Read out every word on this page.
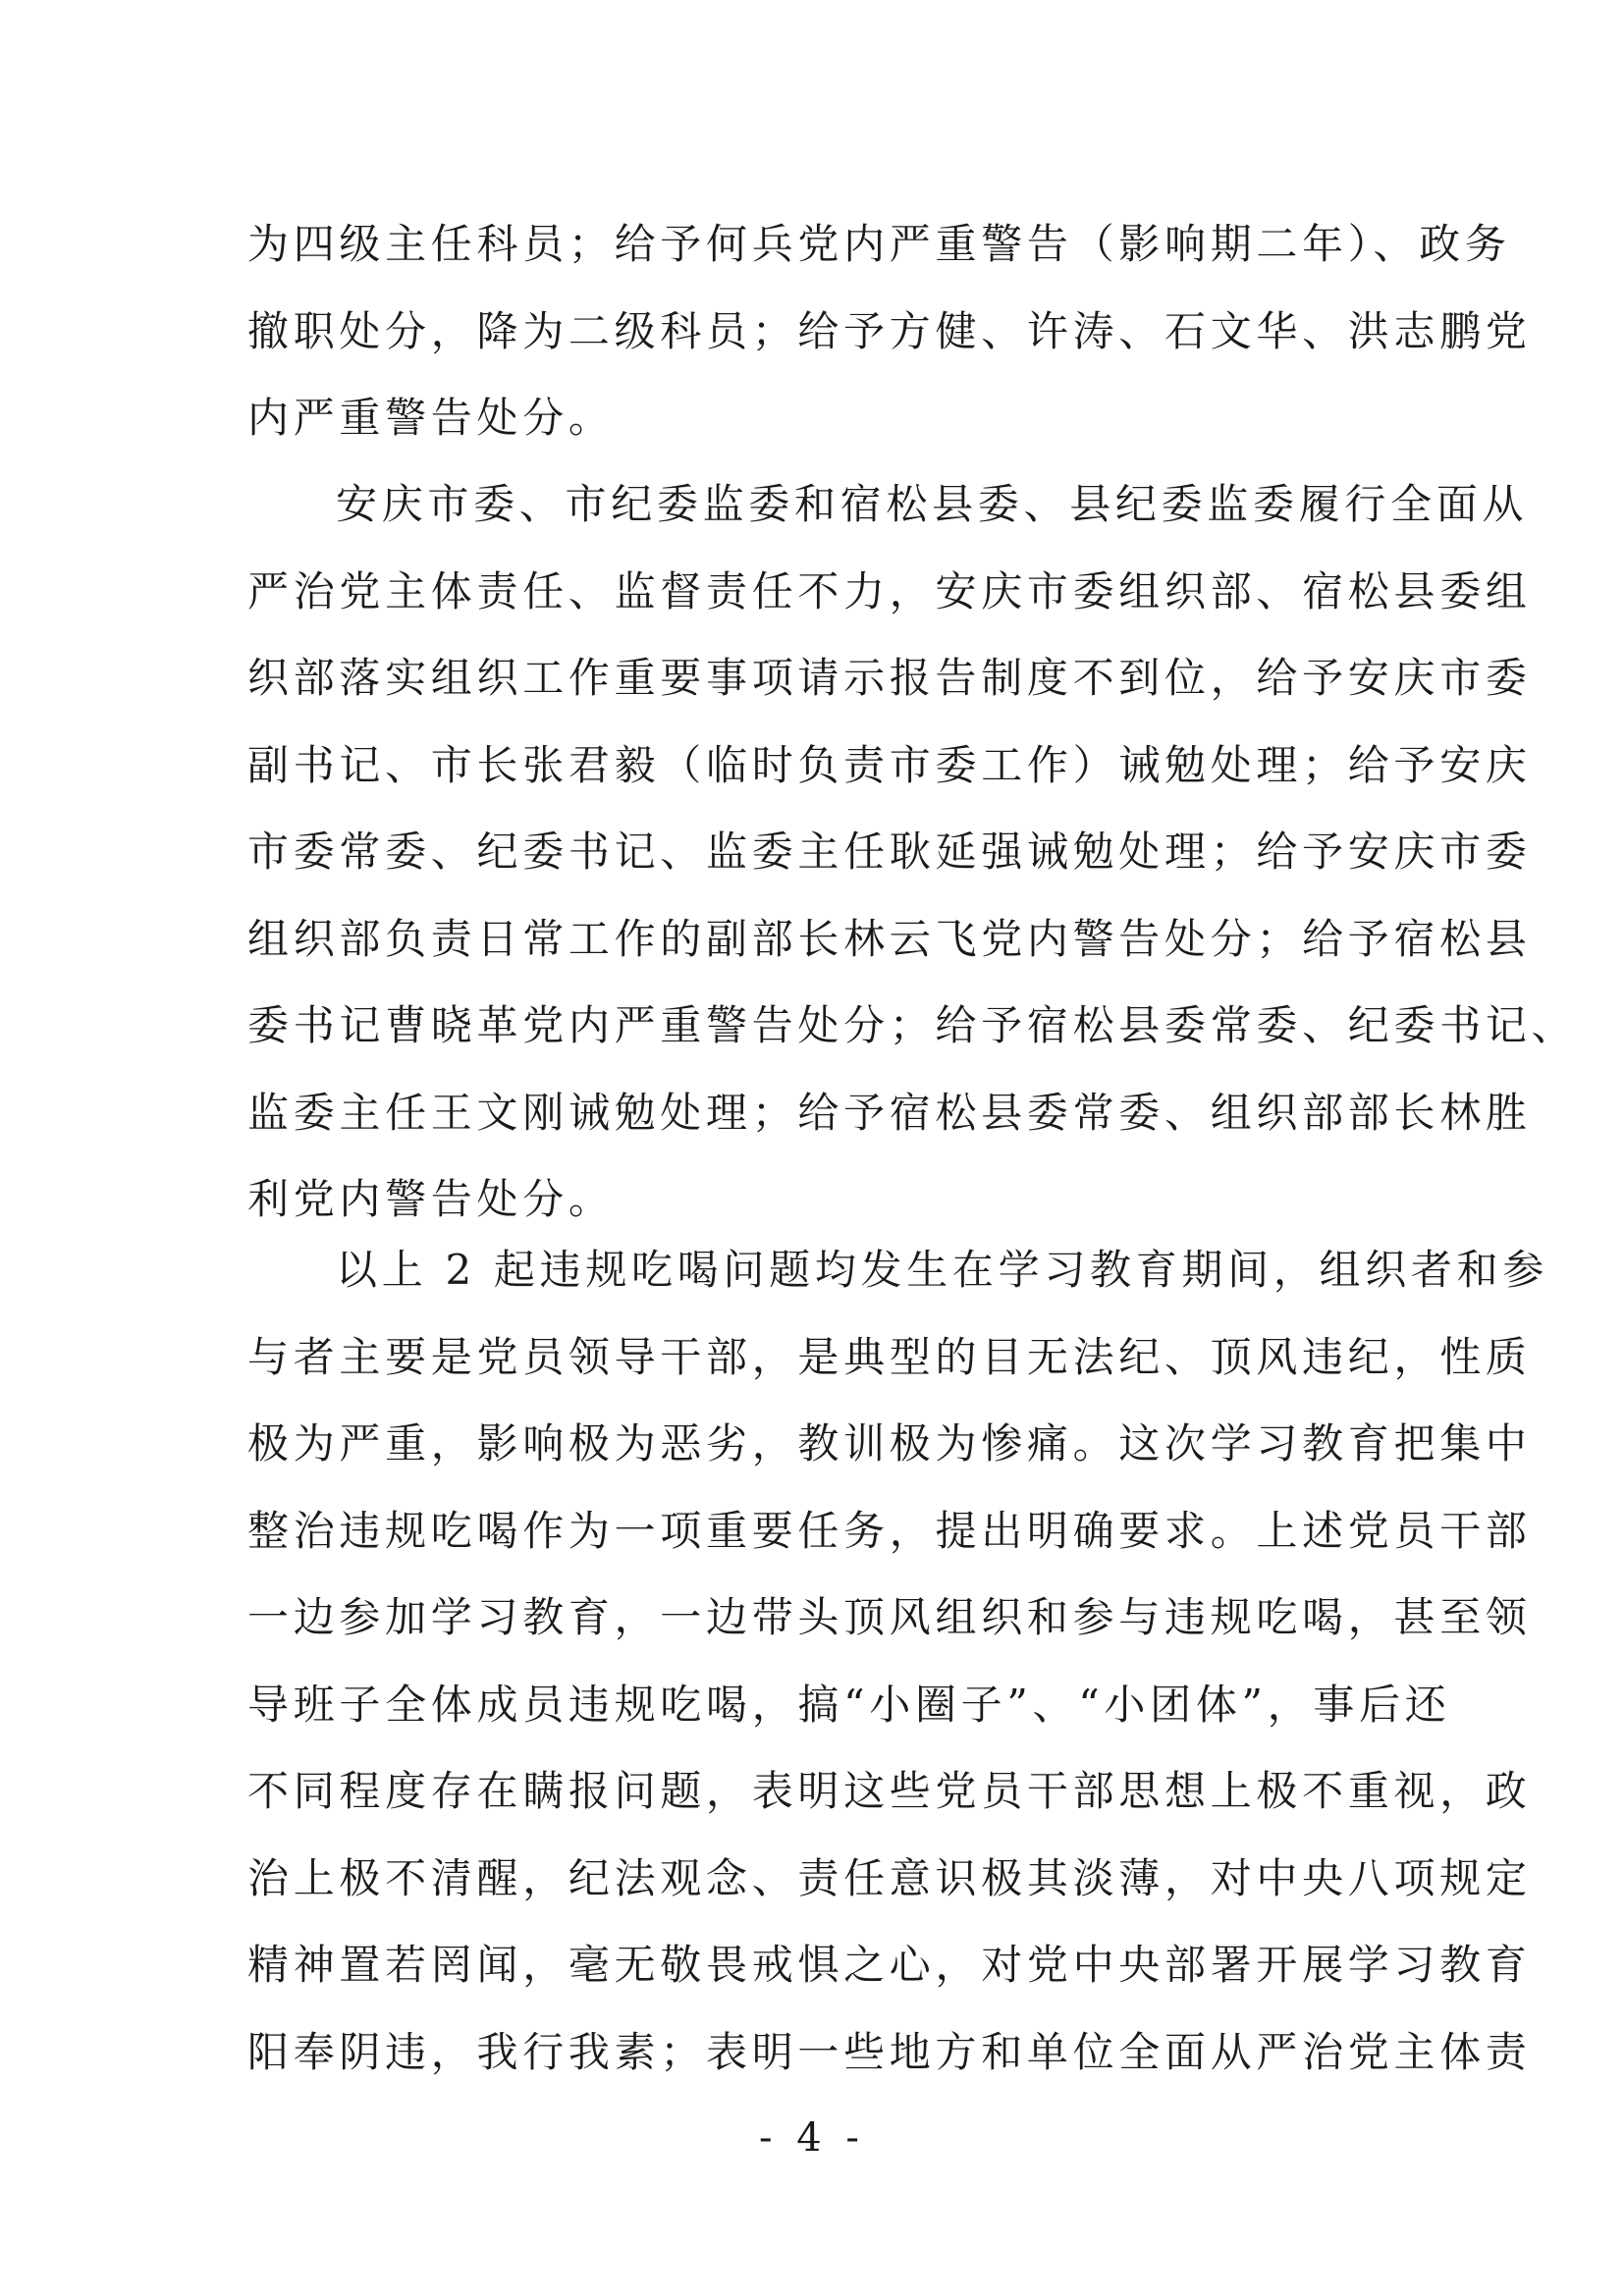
为四级主任科员；给予何兵党内严重警告（影响期二年）、政务
撤职处分，降为二级科员；给予方健、许涛、石文华、洪志鹏党
内严重警告处分。
安庆市委、市纪委监委和宿松县委、县纪委监委履行全面从
严治党主体责任、监督责任不力，安庆市委组织部、宿松县委组
织部落实组织工作重要事项请示报告制度不到位，给予安庆市委
副书记、市长张君毅（临时负责市委工作）诫勉处理；给予安庆
市委常委、纪委书记、监委主任耿延强诫勉处理；给予安庆市委
组织部负责日常工作的副部长林云飞党内警告处分；给予宿松县
委书记曹晓革党内严重警告处分；给予宿松县委常委、纪委书记、
监委主任王文刚诫勉处理；给予宿松县委常委、组织部部长林胜
利党内警告处分。
以上 2 起违规吃喝问题均发生在学习教育期间，组织者和参
与者主要是党员领导干部，是典型的目无法纪、顶风违纪，性质
极为严重，影响极为恶劣，教训极为惨痛。这次学习教育把集中
整治违规吃喝作为一项重要任务，提出明确要求。上述党员干部
一边参加学习教育，一边带头顶风组织和参与违规吃喝，甚至领
导班子全体成员违规吃喝，搞“小圈子”、“小团体”，事后还
不同程度存在瞒报问题，表明这些党员干部思想上极不重视，政
治上极不清醒，纪法观念、责任意识极其淡薄，对中央八项规定
精神置若罔闻，毫无敬畏戒惧之心，对党中央部署开展学习教育
阳奉阴违，我行我素；表明一些地方和单位全面从严治党主体责
- 4 -
